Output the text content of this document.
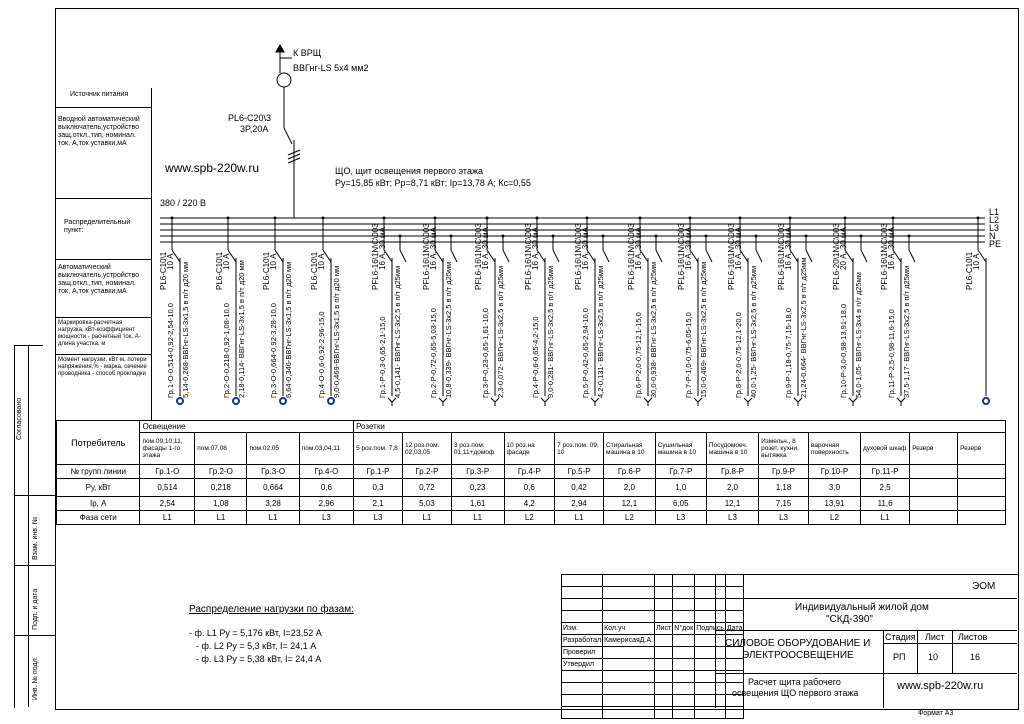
Согласовано
Взам. инв. №
Подп. и дата
Инв. № подл.
Источник питания
Вводной автоматический выключатель,устройство защ.откл.,тип, номинал. ток, А,ток уставки,мА
Распределительный пункт:
Автоматический выключатель,устройство защ.откл.,тип, номинал. ток, А,ток уставки,мА
Маркировка-расчетная нагрузка, кВт-коэффициент мощности - расчетный ток, А-длина участка, м
Момент нагрузки, кВт·м, потери напряжения,% - марка, сечение проводника - способ прокладки
К ВРЩ
ВВГнг-LS 5х4 мм2
PL6-C20\3
3P,20А
www.spb-220w.ru	ЩО, щит освещения первого этажа
Ру=15,85 кВт; Рр=8,71 кВт; Iр=13,78 А; Кс=0,55
380 / 220 В
L1
L2
L3
N
PE
PL6-C10\1
10 А
Гр.1-О-0,514-0,92-2,54-10,0 5,14-0,268-ВВГнг-LS-3х1,5 в п/т д20 мм	PL6-C10\1
10 А
Гр.2-О-0,218-0,92-1,08-10,0 2,18-0,114- ВВГнг-LS-3х1,5 в п/т д20 мм PL6-C10\1
10 А
Гр.3-О-0,664-0,92-3,28-10,0 6,64-0,346-ВВГнг-LS-3х1,5 в п/т д20 мм PL6-C10\1
10 А
Гр.4-О-0,6-0,92-2,96-15,0 9,0-0,469-ВВГнг-LS-3х1,5 в п/т д20 мм
PFL6-16\1N\C\003
16 А, 30 мА
Гр.1-Р-0,3-0,65-2,1-15,0 4,5-0,141- ВВГнг-LS-3х2,5 в п/т д25мм
PFL6-16\1N\C\003
16 А, 30 мА
Гр.2-Р-0,72-0,65-5,03-15,0 10,8-0,339- ВВГнг-LS-3х2,5 в п/т д25мм
PFL6-16\1N\C\003
16 А, 30 мА
Гр.3-Р-0,23-0,65-1,61-10,0 2,3-0,072- ВВГнг-LS-3х2,5 в п/т д25мм
PFL6-16\1N\C\003
16 А, 30 мА
Гр.4-Р-0,6-0,65-4,2-15,0 9,0-0,281- ВВГнг-LS-3х2,5 в п/т д25мм
PFL6-16\1N\C\003
16 А, 30 мА
Гр.5-Р-0,42-0,65-2,94-10,0 4,2-0,131- ВВГнг-LS-3х2,5 в п/т д25мм
PFL6-16\1N\C\003
16 А, 30 мА
Гр.6-Р-2,0-0,75-12,1-15,0 30,0-0,938- ВВГнг-LS-3х2,5 в п/т д25мм
PFL6-16\1N\C\003
16 А, 30 мА
Гр.7-Р-1,0-0,75-6,05-15,0 15,0-0,469- ВВГнг-LS-3х2,5 в п/т д25мм
PFL6-16\1N\C\003
16 А, 30 мА
Гр.8-Р-2,0-0,75-12,1-20,0 40,0-1,25- ВВГнг-LS-3х2,5 в п/т д25мм
PFL6-16\1N\C\003
16 А, 30 мА
Гр.9-Р-1,18-0,75-7,15-18,0 21,24-0,664- ВВГнг-LS-3х2,5 в п/т д25мм
PFL6-20\1N\C\003
20 А, 30 мА
Гр.10-Р-3,0-0,98-13,91-18,0 54,0-1,05- ВВГнг-LS-3х4 в п/т д25мм
PFL6-16\1N\C\003
16 А, 30 мА
Гр.11-Р-2,5-0,98-11,6-15,0 37,5-1,17- ВВГнг-LS-3х2,5 в п/т д25мм	PL6-C10\1
10 А
Потребитель	Освещение				Розетки												
	пом.09,10,11, фасады 1-го этажа	пом.07,08	пом.02,05	пом.03,04,11	5 роз.пом. 7,8	12 роз.пом. 02,03,05	3 роз.пом. 01,11+домоф	10 роз.на фасаде	7 роз.пом. 09, 10	Стиральная машина в 10	Сушильная машина в 10	Посудомоеч. машина в 10	Измельч., 8 розет. кухни, вытяжка	варочная поверхность	духовой шкаф	Резерв	Резерв
№ групп линии	Гр.1-О	Гр.2-О	Гр.3-О	Гр.4-О	Гр.1-Р	Гр.2-Р	Гр.3-Р	Гр.4-Р	Гр.5-Р	Гр.6-Р	Гр.7-Р	Гр.8-Р	Гр.9-Р	Гр.10-Р	Гр.11-Р		
Ру, кВт	0,514	0,218	0,664	0,6	0,3	0,72	0,23	0,6	0,42	2,0	1,0	2,0	1,18	3,0	2,5		
Iр, А	2,54	1,08	3,28	2,96	2,1	5,03	1,61	4,2	2,94	12,1	6,05	12,1	7,15	13,91	11,6		
Фаза сети	L1	L1	L1	L3	L3	L1	L1	L2	L1	L2	L3	L3	L3	L2	L1		
Распределение нагрузки по фазам:
- ф. L1 Ру = 5,176 кВт, I=23,52 А
- ф. L2 Ру = 5,3 кВт, I= 24,1 А
- ф. L3 Ру = 5,38 кВт, I= 24,4 А

Изм.	Кол.уч	Лист	N°док	Подпись	Дата
Разработал	КамерисаяД.А.				
Проверил					
Утвердил					

ЭОМ
Индивидуальный жилой дом
"СКД-390"
СИЛОВОЕ ОБОРУДОВАНИЕ И
ЭЛЕКТРООСВЕЩЕНИЕ
Стадия Лист Листов
РП	10	16
Расчет щита рабочего
освещения ЩО первого этажа
www.spb-220w.ru
Формат А3
